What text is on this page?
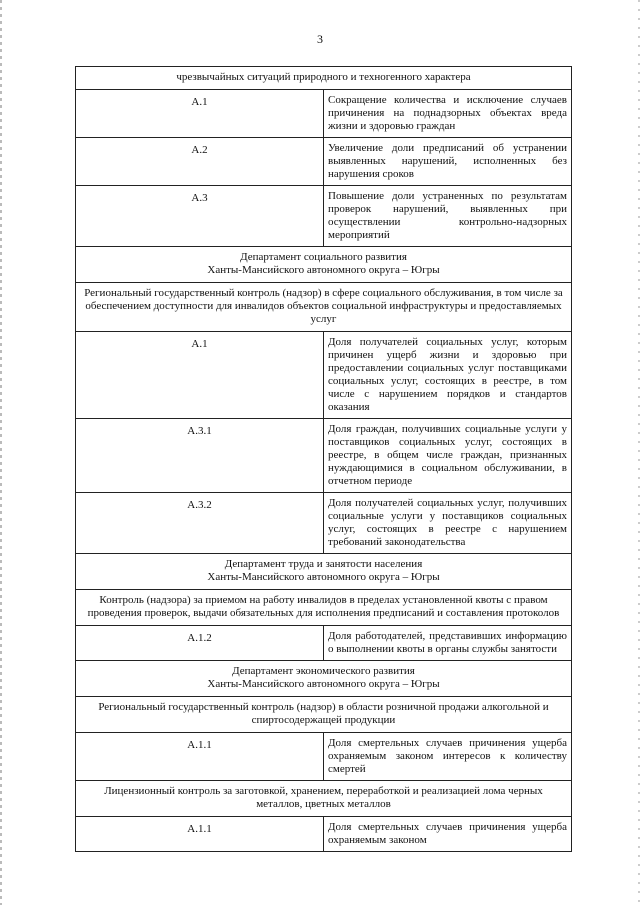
3
чрезвычайных ситуаций природного и техногенного характера	
А.1	Сокращение количества и исключение случаев причинения на поднадзорных объектах вреда жизни и здоровью граждан
А.2	Увеличение доли предписаний об устранении выявленных нарушений, исполненных без нарушения сроков
А.3	Повышение доли устраненных по результатам проверок нарушений, выявленных при осуществлении контрольно-надзорных мероприятий

Департамент социального развития
Ханты-Мансийского автономного округа – Югры	

Региональный государственный контроль (надзор) в сфере социального обслуживания, в том числе за обеспечением доступности для инвалидов объектов социальной инфраструктуры и предоставляемых услуг	
А.1	Доля получателей социальных услуг, которым причинен ущерб жизни и здоровью при предоставлении социальных услуг поставщиками социальных услуг, состоящих в реестре, в том числе с нарушением порядков и стандартов оказания
А.3.1	Доля граждан, получивших социальные услуги у поставщиков социальных услуг, состоящих в реестре, в общем числе граждан, признанных нуждающимися в социальном обслуживании, в отчетном периоде
А.3.2	Доля получателей социальных услуг, получивших социальные услуги у поставщиков социальных услуг, состоящих в реестре с нарушением требований законодательства

Департамент труда и занятости населения
Ханты-Мансийского автономного округа – Югры	

Контроль (надзора) за приемом на работу инвалидов в пределах установленной квоты с правом проведения проверок, выдачи обязательных для исполнения предписаний и составления протоколов	
А.1.2	Доля работодателей, представивших информацию о выполнении квоты в органы службы занятости

Департамент экономического развития
Ханты-Мансийского автономного округа – Югры	

Региональный государственный контроль (надзор) в области розничной продажи алкогольной и спиртосодержащей продукции	
А.1.1	Доля смертельных случаев причинения ущерба охраняемым законом интересов к количеству смертей
Лицензионный контроль за заготовкой, хранением, переработкой и реализацией лома черных металлов, цветных металлов	
А.1.1	Доля смертельных случаев причинения ущерба охраняемым законом
